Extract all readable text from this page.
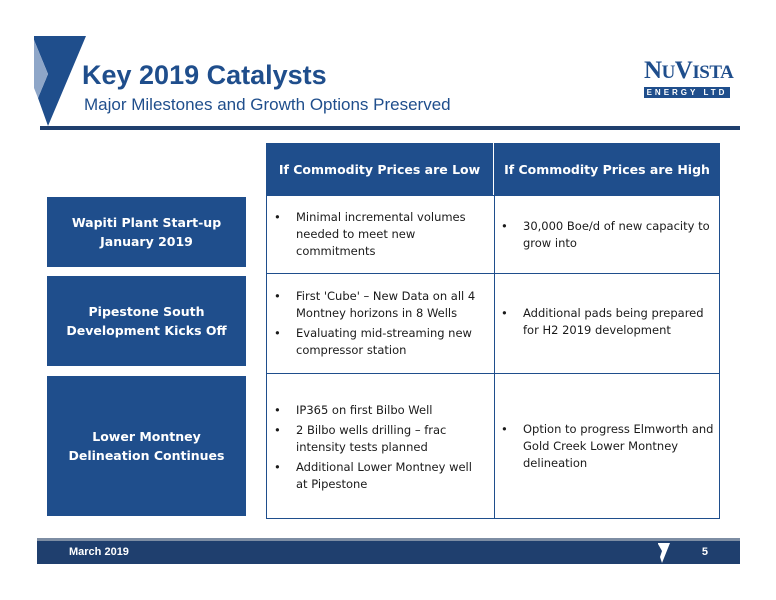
Key 2019 Catalysts
Major Milestones and Growth Options Preserved
NUVISTA
ENERGY LTD
If Commodity Prices are Low	If Commodity Prices are High
Wapiti Plant Start-up January 2019
Pipestone South Development Kicks Off
Lower Montney Delineation Continues
• Minimal incremental volumes needed to meet new commitments
• 30,000 Boe/d of new capacity to grow into
• First 'Cube' – New Data on all 4 Montney horizons in 8 Wells
• Evaluating mid-streaming new compressor station
• Additional pads being prepared for H2 2019 development
• IP365 on first Bilbo Well
• 2 Bilbo wells drilling – frac intensity tests planned
• Additional Lower Montney well at Pipestone
• Option to progress Elmworth and Gold Creek Lower Montney delineation
March 2019	5
